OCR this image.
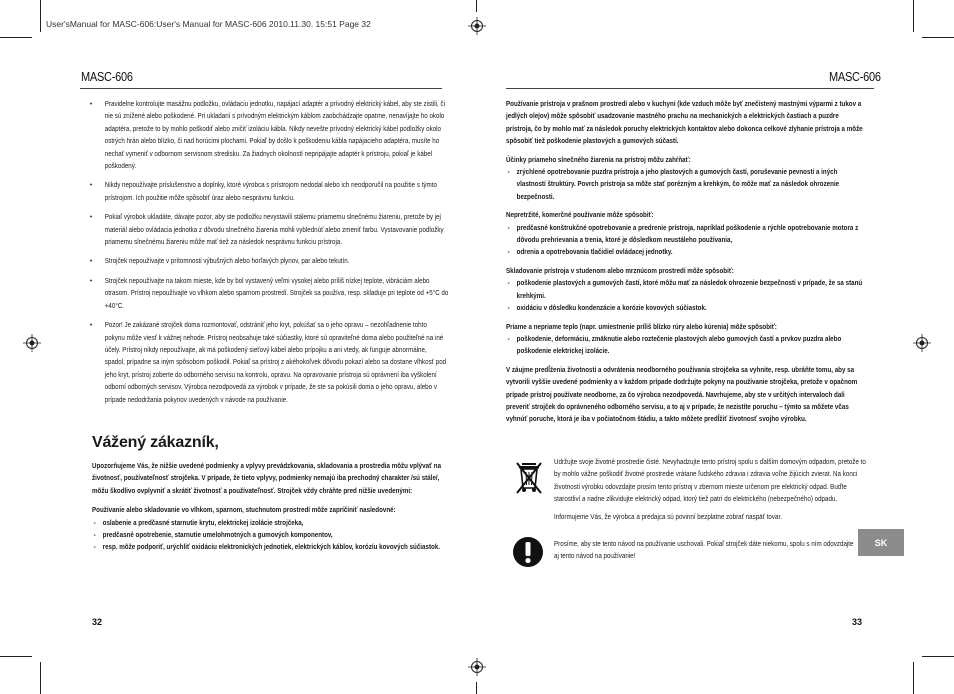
User'sManual for MASC-606:User's Manual for MASC-606 2010.11.30. 15:51 Page 32
MASC-606	MASC-606
• Pravidelne kontrolujte masážnu podložku, ovládaciu jednotku, napájací adaptér a prívodný elektrický kábel, aby ste zistili, či nie sú znížené alebo poškodené. Pri ukladaní s prívodným elektrickým káblom zaobchádzajte opatrne, nenavíjajte ho okolo adaptéra, pretože to by mohlo poškodiť alebo zničiť izoláciu kábla. Nikdy nevešte prívodný elektrický kábel podložky okolo ostrých hrán alebo blízko, či nad horúcimi plochami. Pokiaľ by došlo k poškodeniu kábla napájacieho adaptéra, musíte ho nechať vymeniť v odbornom servisnom stredisku. Za žiadnych okolností nepripájajte adaptér k prístroju, pokiaľ je kábel poškodený.
• Nikdy nepoužívajte príslušenstvo a doplnky, ktoré výrobca s prístrojom nedodal alebo ich neodporučil na použitie s týmto prístrojom. Ich použitie môže spôsobiť úraz alebo nesprávnu funkciu.
• Pokiaľ výrobok ukladáte, dávajte pozor, aby ste podložku nevystavili stálemu priamemu slnečnému žiareniu, pretože by jej materiál alebo ovládacia jednotka z dôvodu slnečného žiarenia mohli vyblednúť alebo zmeniť farbu. Vystavovanie podložky priamemu slnečnému žiareniu môže mať tiež za následok nesprávnu funkciu prístroja.
• Strojček nepoužívajte v prítomnosti výbušných alebo horľavých plynov, par alebo tekutín.
• Strojček nepoužívajte na takom mieste, kde by bol vystavený veľmi vysokej alebo príliš nízkej teplote, vibráciám alebo otrasom. Prístroj nepoužívajte vo vlhkom alebo sparnom prostredí. Strojček sa používa, resp. skladuje pri teplote od +5°C do +40°C.
• Pozor! Je zakázané strojček doma rozmontovať, odstrániť jeho kryt, pokúšať sa o jeho opravu – nezohľadnenie tohto pokynu môže viesť k vážnej nehode. Prístroj neobsahuje také súčiastky, ktoré sú opraviteľné doma alebo použiteľné na iné účely. Prístroj nikdy nepoužívajte, ak má poškodený sieťový kábel alebo prípojku a ani vtedy, ak funguje abnormálne, spadol, prípadne sa iným spôsobom poškodil. Pokiaľ sa prístroj z akéhokoľvek dôvodu pokazí alebo sa dostane vlhkosť pod jeho kryt, prístroj zoberte do odborného servisu na kontrolu, opravu. Na opravovanie prístroja sú oprávnení iba vyškolení odborní odborných servisov. Výrobca nezodpovedá za výrobok v prípade, že ste sa pokúsili doma o jeho opravu, alebo v prípade nedodržania pokynov uvedených v návode na používanie.
Vážený zákazník,

Upozorňujeme Vás, že nižšie uvedené podmienky a vplyvy prevádzkovania, skladovania a prostredia môžu vplývať na životnosť, používateľnosť strojčeka. V prípade, že tieto vplyvy, podmienky nemajú iba prechodný charakter /sú stále/, môžu škodlivo ovplyvniť a skrátiť životnosť a používateľnosť. Strojček vždy chráňte pred nižšie uvedenými:

Používanie alebo skladovanie vo vlhkom, sparnom, stuchnutom prostredí môže zapríčiniť nasledovné:

- oslabenie a predčasné starnutie krytu, elektrickej izolácie strojčeka,
- predčasné opotrebenie, starnutie umelohmotných a gumových komponentov,
- resp. môže podporiť, urýchliť oxidáciu elektronických jednotiek, elektrických káblov, korózíu kovových súčiastok.
32

Používanie prístroja v prašnom prostredí alebo v kuchyni (kde vzduch môže byť znečistený mastnými výparmi z tukov a jedlých olejov) môže spôsobiť usadzovanie mastného prachu na mechanických a elektrických častiach a puzdre prístroja, čo by mohlo mať za následok poruchy elektrických kontaktov alebo dokonca celkové zlyhanie prístroja a môže spôsobiť tiež poškodenie plastových a gumových súčastí.

Účinky priameho slnečného žiarenia na prístroj môžu zahŕňať:

- zrýchlené opotrebovanie puzdra prístroja a jeho plastových a gumových častí, poruševanie pevnosti a iných vlastností štruktúry. Povrch prístroja sa môže stať porézným a krehkým, čo môže mať za následok ohrozenie bezpečnosti.

Nepretržité, komerčné používanie môže spôsobiť:

- predčasné konštrukčné opotrebovanie a predrenie prístroja, napríklad poškodenie a rýchle opotrebovanie motora z dôvodu prehrievania a trenia, ktoré je dôsledkom neustáleho používania,
- odrenia a opotrebovania tlačidiel ovládacej jednotky.

Skladovanie prístroja v studenom alebo mrznúcom prostredí môže spôsobiť:

- poškodenie plastových a gumových častí, ktoré môžu mať za následok ohrozenie bezpečnosti v prípade, že sa stanú krehkými.
- oxidáciu v dôsledku kondenzácie a korózie kovových súčiastok.

Priame a nepriame teplo (napr. umiestnenie príliš blízko rúry alebo kúrenia) môže spôsobiť:

- poškodenie, deformáciu, zmäknutie alebo roztečenie plastových alebo gumových častí a prvkov puzdra alebo poškodenie elektrickej izolácie.

V záujme predĺženia životnosti a odvrátenia neodborného používania strojčeka sa vyhnite, resp. ubráňte tomu, aby sa vytvorili vyššie uvedené podmienky a v každom prípade dodržujte pokyny na používanie strojčeka, pretože v opačnom prípade prístroj používate neodborne, za čo výrobca nezodpovedá. Navrhujeme, aby ste v určitých intervaloch dali preveriť strojček do oprávneného odborného servisu, a to aj v prípade, že nezistíte poruchu – týmto sa môžete včas vyhnúť poruche, ktorá je iba v počiatočnom štádiu, a takto môžete predĺžiť životnosť svojho výrobku.

Udržujte svoje životné prostredie čisté. Nevyhadzujte tento prístroj spolu s ďalším domovým odpadom, pretože to by mohlo vážne poškodiť životné prostredie vrátane ľudského zdravia i zdravia voľne žijúcich zvierat. Na konci životnosti výrobku odovzdajte prosím tento prístroj v zbernom mieste určenom pre elektrický odpad. Buďte starostliví a riadne zlikvidujte elektrický odpad, ktorý tiež patrí do elektrického (nebezpečného) odpadu.

Informujeme Vás, že výrobca a predajca sú povinní bezplatne zobrať naspäť tovar.

Prosíme, aby ste tento návod na používanie uschovali. Pokiaľ strojček dáte niekomu, spolu s ním odovzdajte aj tento návod na používanie!

SK
33
